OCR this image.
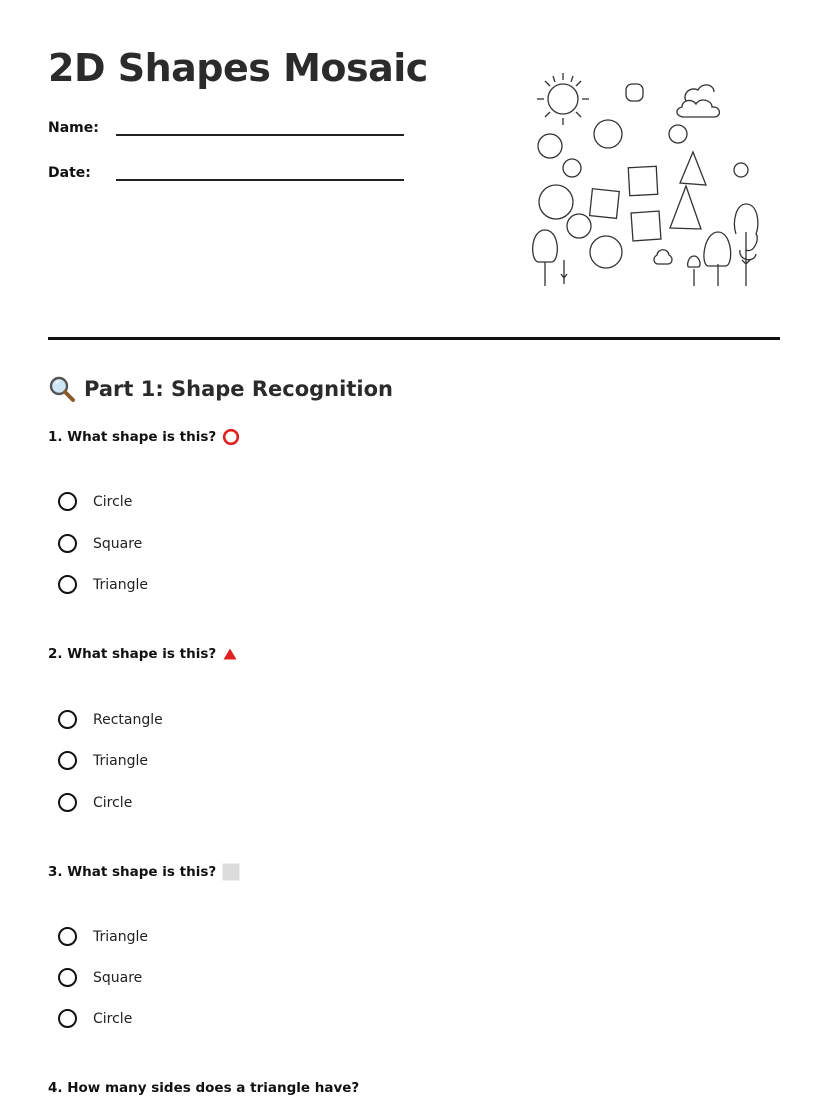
2D Shapes Mosaic
Name:
Date:
Part 1: Shape Recognition

1. What shape is this?

Circle
Square
Triangle

2. What shape is this?

Rectangle
Triangle
Circle

3. What shape is this?

Triangle
Square
Circle

4. How many sides does a triangle have?
